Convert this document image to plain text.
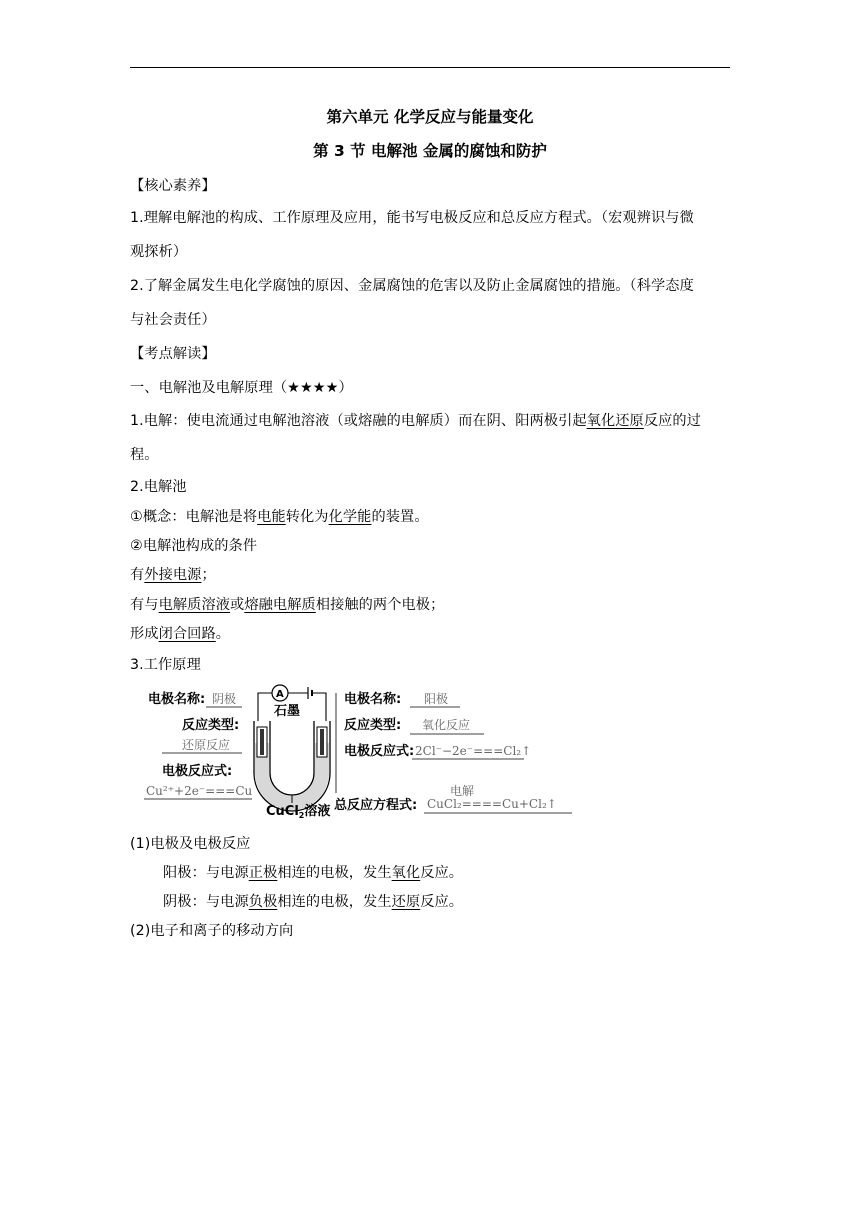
第六单元 化学反应与能量变化
第 3 节 电解池 金属的腐蚀和防护
【核心素养】
1.理解电解池的构成、工作原理及应用，能书写电极反应和总反应方程式。（宏观辨识与微
观探析）
2.了解金属发生电化学腐蚀的原因、金属腐蚀的危害以及防止金属腐蚀的措施。（科学态度
与社会责任）
【考点解读】
一、电解池及电解原理（★★★★）
1.电解：使电流通过电解池溶液（或熔融的电解质）而在阴、阳两极引起氧化还原反应的过
程。
2.电解池
①概念：电解池是将电能转化为化学能的装置。
②电解池构成的条件
有外接电源；
有与电解质溶液或熔融电解质相接触的两个电极；
形成闭合回路。
3.工作原理
电极名称: 阴极
反应类型:
还原反应
电极反应式:
Cu²⁺+2e⁻===Cu
A
石墨
CuCl$_2$溶液
电极名称: 阳极
反应类型: 氧化反应
电极反应式: 2Cl⁻−2e⁻===Cl₂↑
总反应方程式:
电解
CuCl₂====Cu+Cl₂↑
(1)电极及电极反应
阳极：与电源正极相连的电极，发生氧化反应。
阴极：与电源负极相连的电极，发生还原反应。
(2)电子和离子的移动方向
